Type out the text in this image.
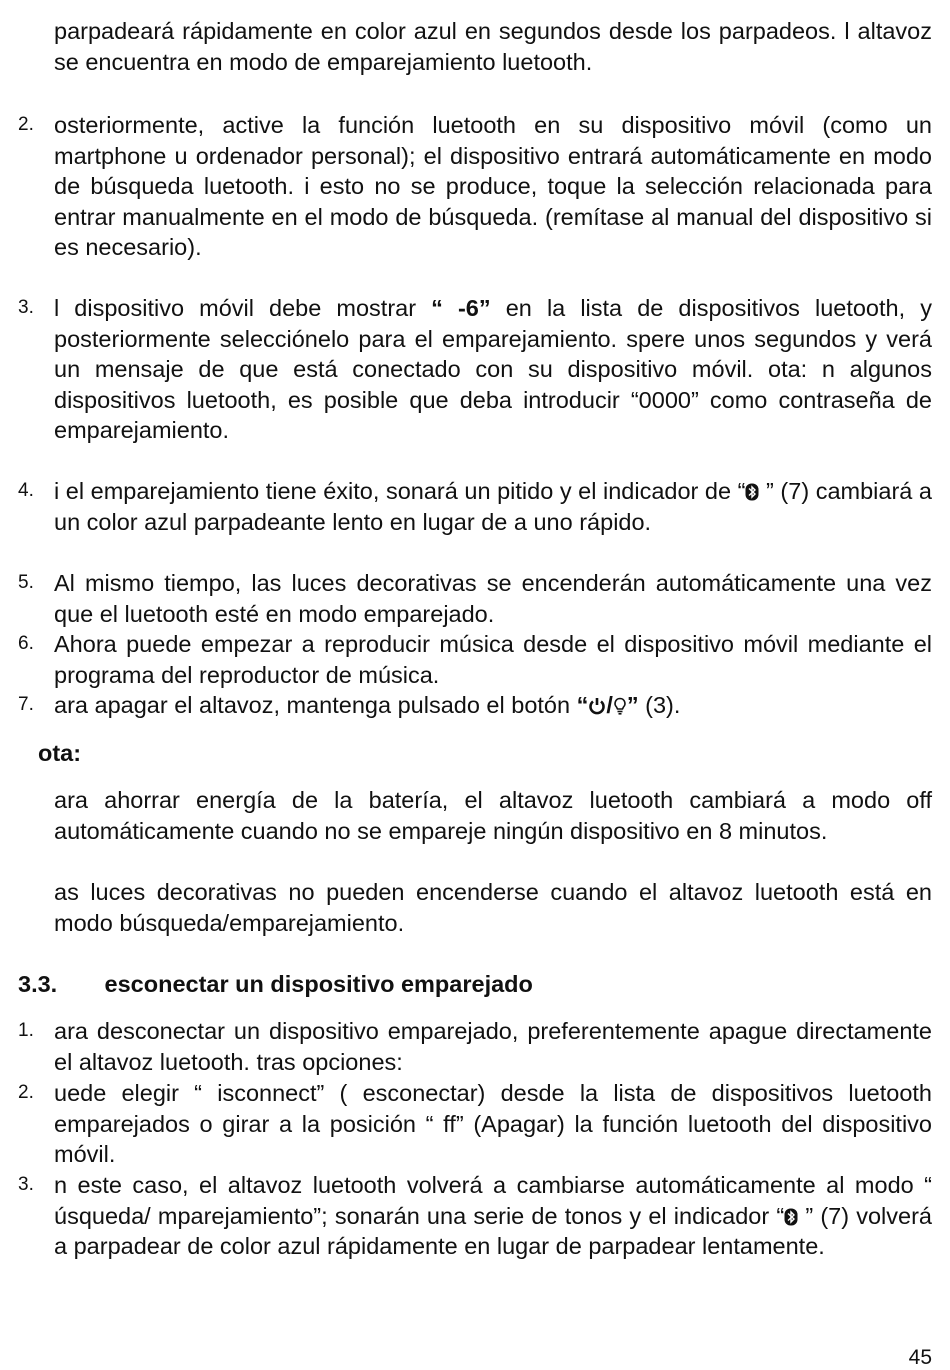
parpadeará rápidamente en color azul en segundos desde los parpadeos. l altavoz se encuentra en modo de emparejamiento luetooth.

2. osteriormente, active la función luetooth en su dispositivo móvil (como un martphone u ordenador personal); el dispositivo entrará automáticamente en modo de búsqueda luetooth. i esto no se produce, toque la selección relacionada para entrar manualmente en el modo de búsqueda. (remítase al manual del dispositivo si es necesario).

3. l dispositivo móvil debe mostrar “ -6” en la lista de dispositivos luetooth, y posteriormente selecciónelo para el emparejamiento. spere unos segundos y verá un mensaje de que está conectado con su dispositivo móvil. ota: n algunos dispositivos luetooth, es posible que deba introducir “0000” como contraseña de emparejamiento.

4. i el emparejamiento tiene éxito, sonará un pitido y el indicador de “ ” (7) cambiará a un color azul parpadeante lento en lugar de a uno rápido.

5. Al mismo tiempo, las luces decorativas se encenderán automáticamente una vez que el luetooth esté en modo emparejado.

6. Ahora puede empezar a reproducir música desde el dispositivo móvil mediante el programa del reproductor de música.

7. ara apagar el altavoz, mantenga pulsado el botón “ / ” (3).

ota:

ara ahorrar energía de la batería, el altavoz luetooth cambiará a modo off automáticamente cuando no se empareje ningún dispositivo en 8 minutos.

as luces decorativas no pueden encenderse cuando el altavoz luetooth está en modo búsqueda/emparejamiento.

3.3. esconectar un dispositivo emparejado
1. ara desconectar un dispositivo emparejado, preferentemente apague directamente el altavoz luetooth. tras opciones:

2. uede elegir “ isconnect” ( esconectar) desde la lista de dispositivos luetooth emparejados o girar a la posición “ ff” (Apagar) la función luetooth del dispositivo móvil.

3. n este caso, el altavoz luetooth volverá a cambiarse automáticamente al modo “ úsqueda/ mparejamiento”; sonarán una serie de tonos y el indicador “ ” (7) volverá a parpadear de color azul rápidamente en lugar de parpadear lentamente.

45
